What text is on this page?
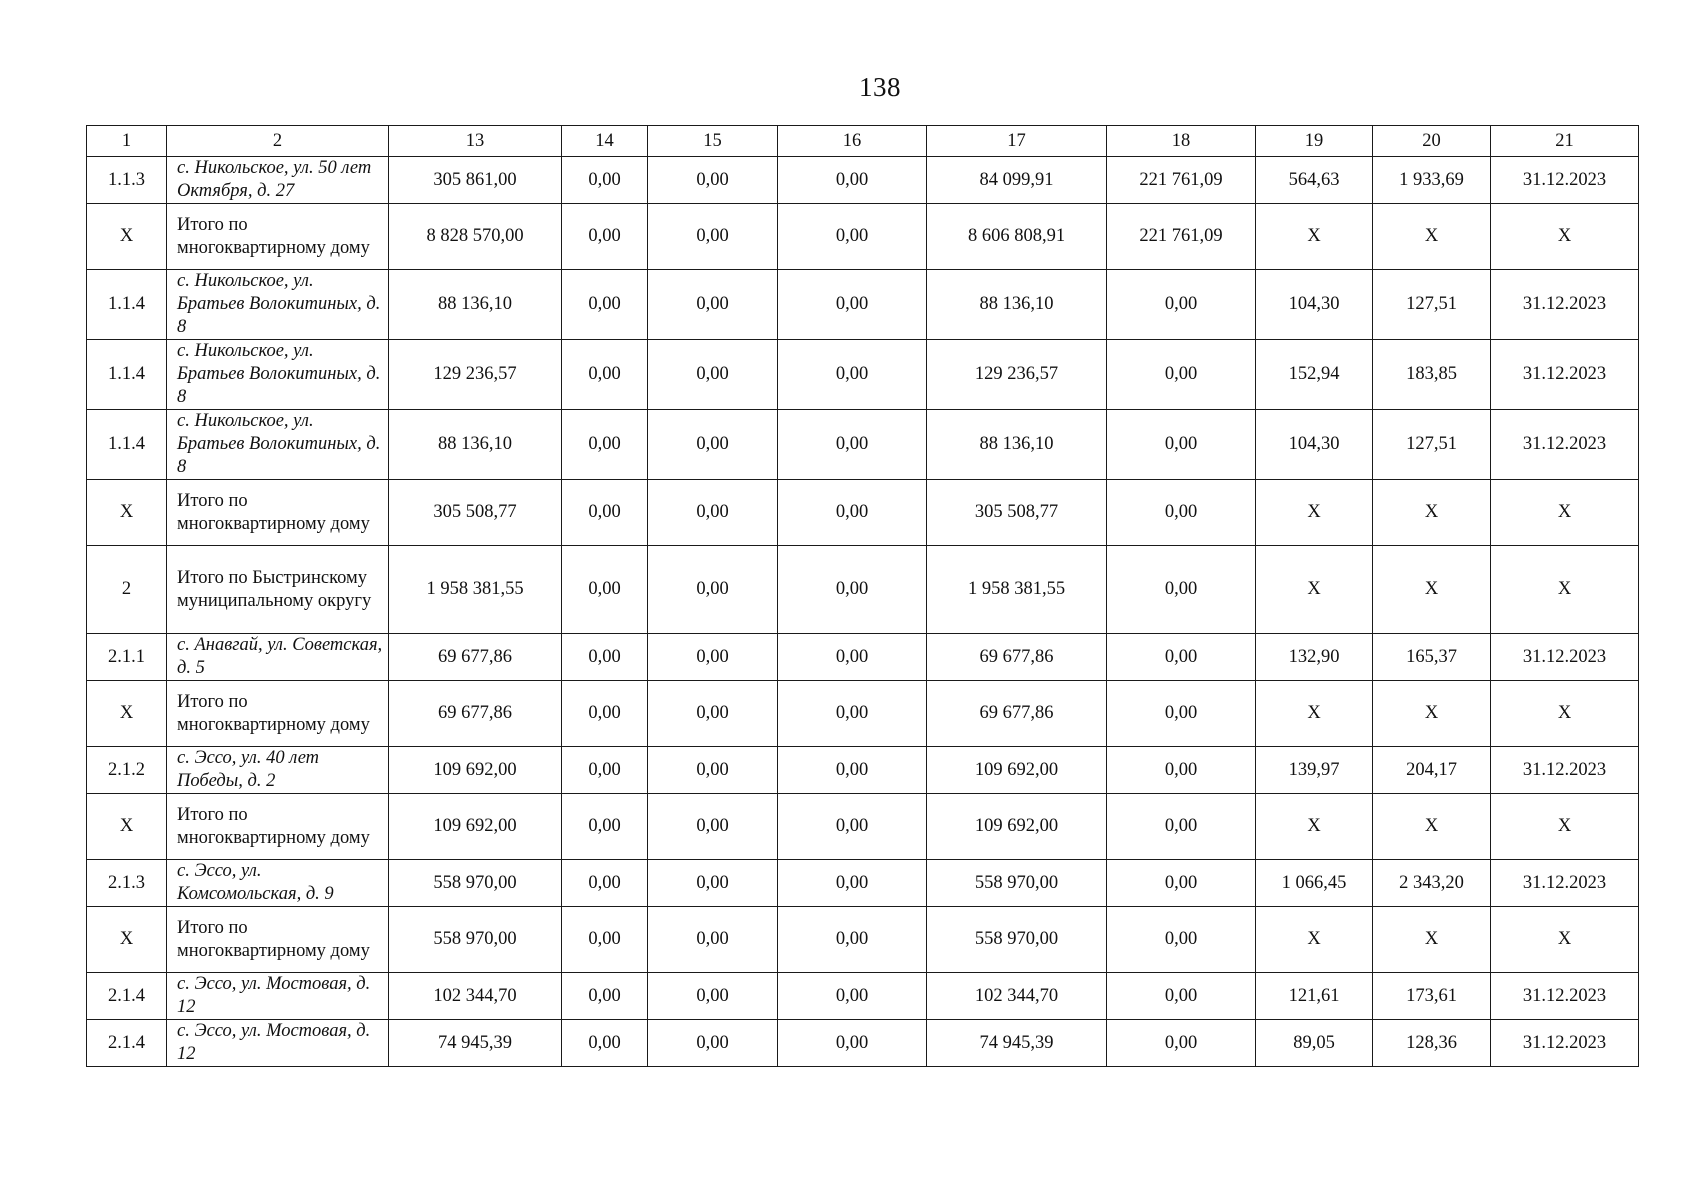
138
1	2	13	14	15	16	17	18	19	20	21
1.1.3	с. Никольское, ул. 50 лет Октября, д. 27	305 861,00	0,00	0,00	0,00	84 099,91	221 761,09	564,63	1 933,69	31.12.2023
X	Итого по многоквартирному дому	8 828 570,00	0,00	0,00	0,00	8 606 808,91	221 761,09	X	X	X
1.1.4	с. Никольское, ул. Братьев Волокитиных, д. 8	88 136,10	0,00	0,00	0,00	88 136,10	0,00	104,30	127,51	31.12.2023
1.1.4	с. Никольское, ул. Братьев Волокитиных, д. 8	129 236,57	0,00	0,00	0,00	129 236,57	0,00	152,94	183,85	31.12.2023
1.1.4	с. Никольское, ул. Братьев Волокитиных, д. 8	88 136,10	0,00	0,00	0,00	88 136,10	0,00	104,30	127,51	31.12.2023
X	Итого по многоквартирному дому	305 508,77	0,00	0,00	0,00	305 508,77	0,00	X	X	X
2	Итого по Быстринскому муниципальному округу	1 958 381,55	0,00	0,00	0,00	1 958 381,55	0,00	X	X	X
2.1.1	с. Анавгай, ул. Советская, д. 5	69 677,86	0,00	0,00	0,00	69 677,86	0,00	132,90	165,37	31.12.2023
X	Итого по многоквартирному дому	69 677,86	0,00	0,00	0,00	69 677,86	0,00	X	X	X
2.1.2	с. Эссо, ул. 40 лет Победы, д. 2	109 692,00	0,00	0,00	0,00	109 692,00	0,00	139,97	204,17	31.12.2023
X	Итого по многоквартирному дому	109 692,00	0,00	0,00	0,00	109 692,00	0,00	X	X	X
2.1.3	с. Эссо, ул. Комсомольская, д. 9	558 970,00	0,00	0,00	0,00	558 970,00	0,00	1 066,45	2 343,20	31.12.2023
X	Итого по многоквартирному дому	558 970,00	0,00	0,00	0,00	558 970,00	0,00	X	X	X
2.1.4	с. Эссо, ул. Мостовая, д. 12	102 344,70	0,00	0,00	0,00	102 344,70	0,00	121,61	173,61	31.12.2023
2.1.4	с. Эссо, ул. Мостовая, д. 12	74 945,39	0,00	0,00	0,00	74 945,39	0,00	89,05	128,36	31.12.2023
